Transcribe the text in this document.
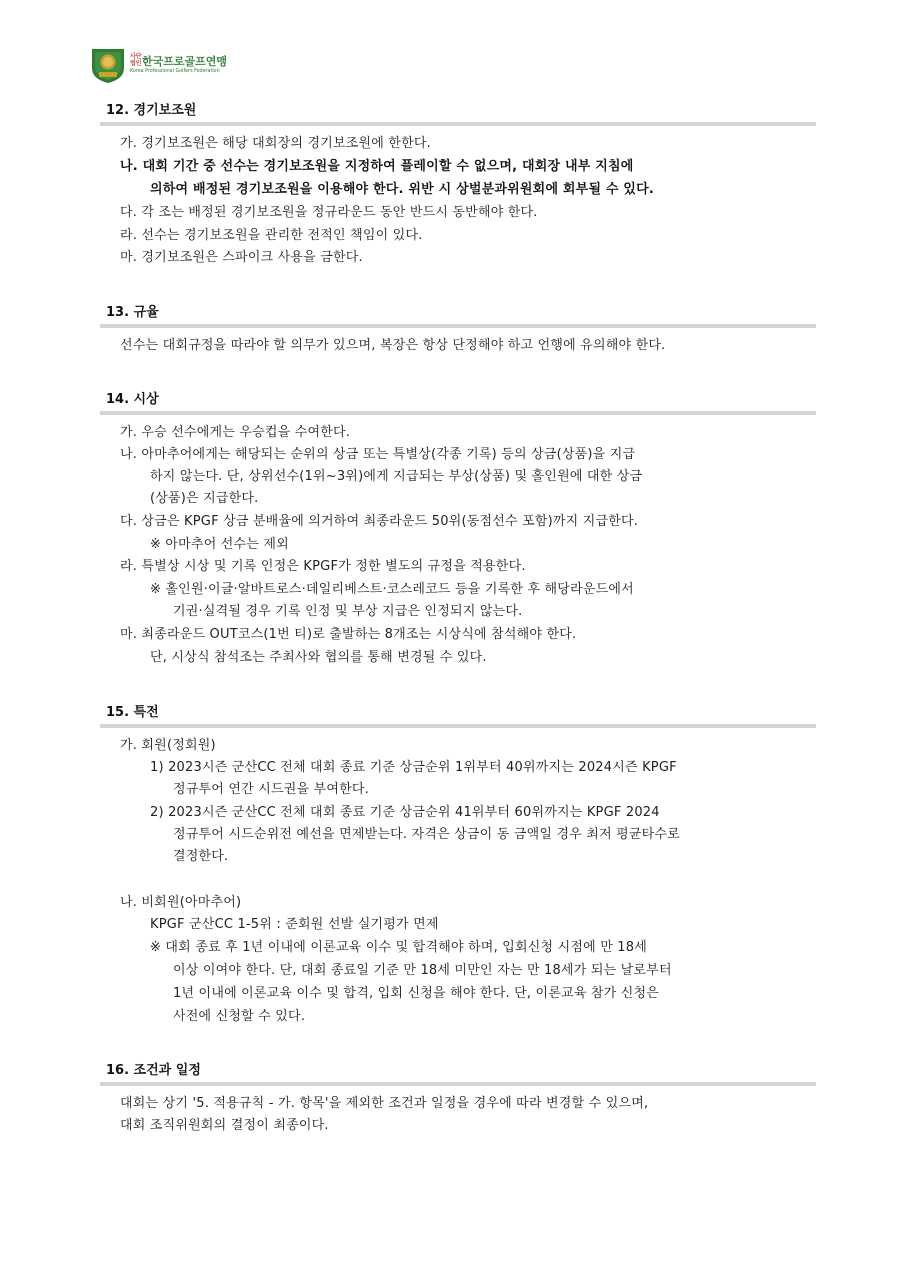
사단
법인 한국프로골프연맹
Korea Professional Golfers Federation
12. 경기보조원
가. 경기보조원은 해당 대회장의 경기보조원에 한한다.
나. 대회 기간 중 선수는 경기보조원을 지정하여 플레이할 수 없으며, 대회장 내부 지침에
의하여 배정된 경기보조원을 이용해야 한다. 위반 시 상벌분과위원회에 회부될 수 있다.
다. 각 조는 배정된 경기보조원을 정규라운드 동안 반드시 동반해야 한다.
라. 선수는 경기보조원을 관리한 전적인 책임이 있다.
마. 경기보조원은 스파이크 사용을 금한다.
13. 규율
선수는 대회규정을 따라야 할 의무가 있으며, 복장은 항상 단정해야 하고 언행에 유의해야 한다.
14. 시상
가. 우승 선수에게는 우승컵을 수여한다.
나. 아마추어에게는 해당되는 순위의 상금 또는 특별상(각종 기록) 등의 상금(상품)을 지급
하지 않는다. 단, 상위선수(1위~3위)에게 지급되는 부상(상품) 및 홀인원에 대한 상금
(상품)은 지급한다.
다. 상금은 KPGF 상금 분배율에 의거하여 최종라운드 50위(동점선수 포함)까지 지급한다.
※ 아마추어 선수는 제외
라. 특별상 시상 및 기록 인정은 KPGF가 정한 별도의 규정을 적용한다.
※ 홀인원·이글·알바트로스·데일리베스트·코스레코드 등을 기록한 후 해당라운드에서
기권·실격될 경우 기록 인정 및 부상 지급은 인정되지 않는다.
마. 최종라운드 OUT코스(1번 티)로 출발하는 8개조는 시상식에 참석해야 한다.
단, 시상식 참석조는 주최사와 협의를 통해 변경될 수 있다.
15. 특전
가. 회원(정회원)
1) 2023시즌 군산CC 전체 대회 종료 기준 상금순위 1위부터 40위까지는 2024시즌 KPGF
정규투어 연간 시드권을 부여한다.
2) 2023시즌 군산CC 전체 대회 종료 기준 상금순위 41위부터 60위까지는 KPGF 2024
정규투어 시드순위전 예선을 면제받는다. 자격은 상금이 동 금액일 경우 최저 평균타수로
결정한다.
나. 비회원(아마추어)
KPGF 군산CC 1-5위 : 준회원 선발 실기평가 면제
※ 대회 종료 후 1년 이내에 이론교육 이수 및 합격해야 하며, 입회신청 시점에 만 18세
이상 이여야 한다. 단, 대회 종료일 기준 만 18세 미만인 자는 만 18세가 되는 날로부터
1년 이내에 이론교육 이수 및 합격, 입회 신청을 해야 한다. 단, 이론교육 참가 신청은
사전에 신청할 수 있다.
16. 조건과 일정
대회는 상기 '5. 적용규칙 - 가. 항목'을 제외한 조건과 일정을 경우에 따라 변경할 수 있으며,
대회 조직위원회의 결정이 최종이다.
